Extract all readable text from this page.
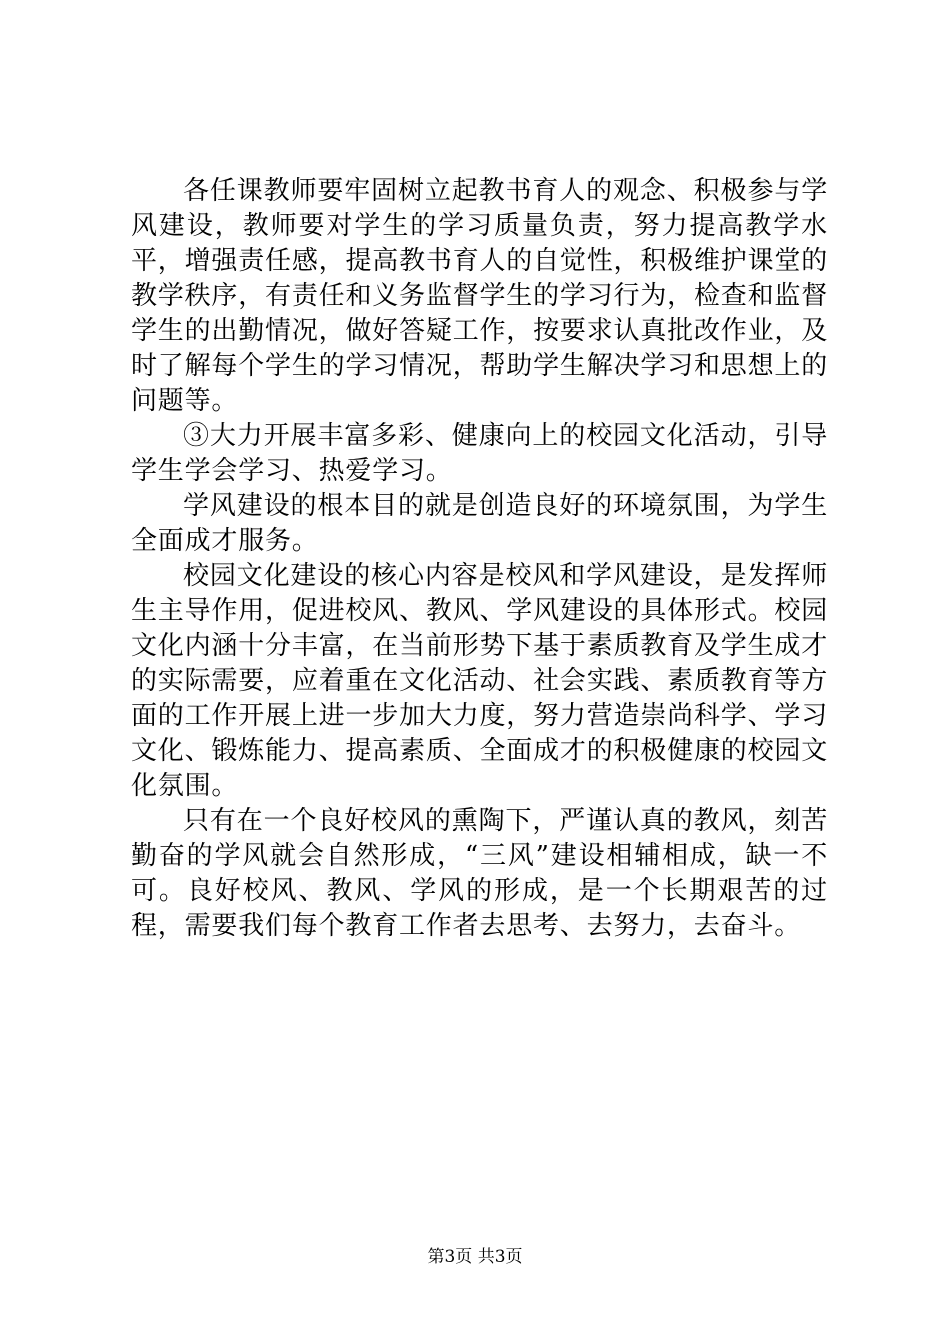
各任课教师要牢固树立起教书育人的观念、积极参与学风建设，教师要对学生的学习质量负责，努力提高教学水平，增强责任感，提高教书育人的自觉性，积极维护课堂的教学秩序，有责任和义务监督学生的学习行为，检查和监督学生的出勤情况，做好答疑工作，按要求认真批改作业，及时了解每个学生的学习情况，帮助学生解决学习和思想上的问题等。

③大力开展丰富多彩、健康向上的校园文化活动，引导学生学会学习、热爱学习。

学风建设的根本目的就是创造良好的环境氛围，为学生全面成才服务。

校园文化建设的核心内容是校风和学风建设，是发挥师生主导作用，促进校风、教风、学风建设的具体形式。校园文化内涵十分丰富，在当前形势下基于素质教育及学生成才的实际需要，应着重在文化活动、社会实践、素质教育等方面的工作开展上进一步加大力度，努力营造崇尚科学、学习文化、锻炼能力、提高素质、全面成才的积极健康的校园文化氛围。

只有在一个良好校风的熏陶下，严谨认真的教风，刻苦勤奋的学风就会自然形成，“三风”建设相辅相成，缺一不可。良好校风、教风、学风的形成，是一个长期艰苦的过程，需要我们每个教育工作者去思考、去努力，去奋斗。

第3页 共3页
